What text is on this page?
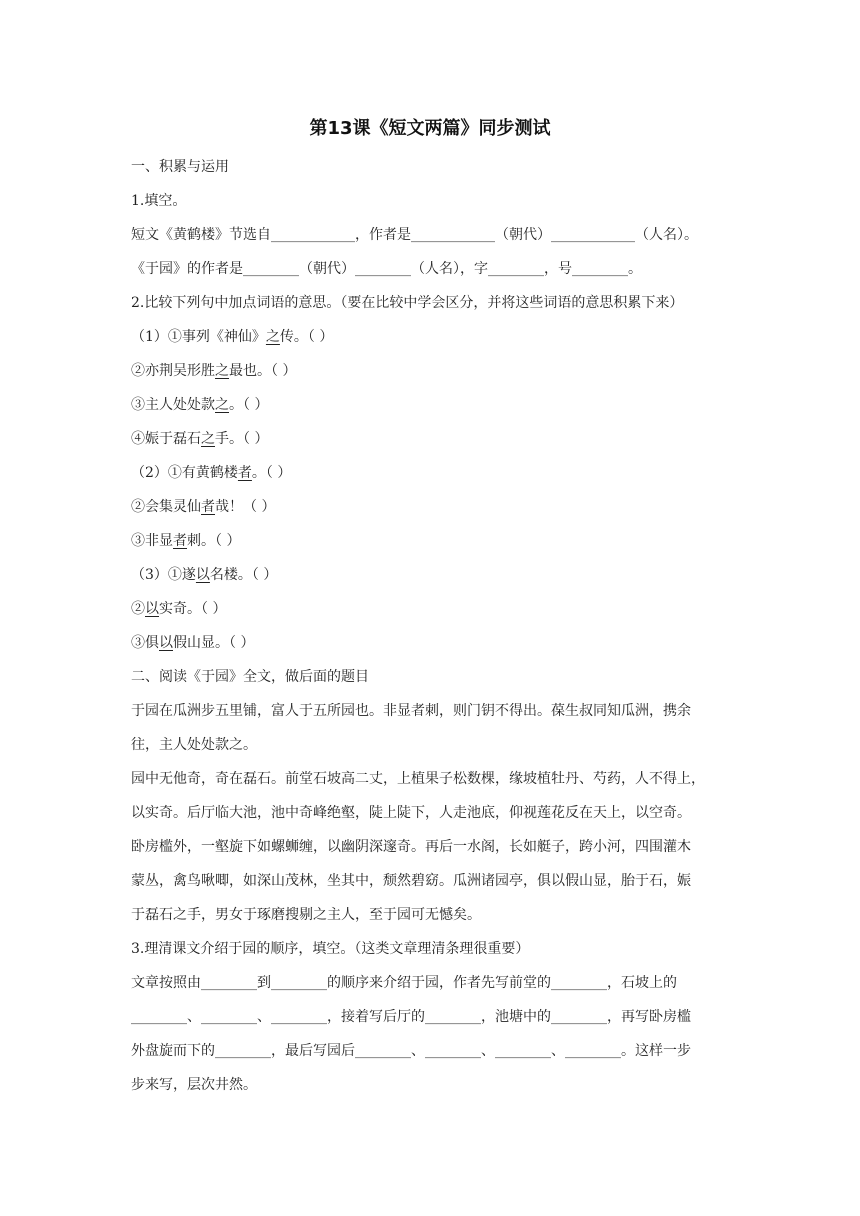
第13课《短文两篇》同步测试

一、积累与运用

1.填空。

短文《黄鹤楼》节选自____________，作者是____________（朝代）____________（人名）。

《于园》的作者是________（朝代）________（人名），字________，号________。

2.比较下列句中加点词语的意思。（要在比较中学会区分，并将这些词语的意思积累下来）

（1）①事列《神仙》之传。（ ）

②亦荆吴形胜之最也。（ ）

③主人处处款之。（ ）

④娠于磊石之手。（ ）

（2）①有黄鹤楼者。（ ）

②会集灵仙者哉！（ ）

③非显者刺。（ ）

（3）①遂以名楼。（ ）

②以实奇。（ ）

③俱以假山显。（ ）

二、阅读《于园》全文，做后面的题目

于园在瓜洲步五里铺，富人于五所园也。非显者刺，则门钥不得出。葆生叔同知瓜洲，携余

往，主人处处款之。

园中无他奇，奇在磊石。前堂石坡高二丈，上植果子松数棵，缘坡植牡丹、芍药，人不得上，

以实奇。后厅临大池，池中奇峰绝壑，陡上陡下，人走池底，仰视莲花反在天上，以空奇。

卧房槛外，一壑旋下如螺蛳缠，以幽阴深邃奇。再后一水阁，长如艇子，跨小河，四围灌木

蒙丛，禽鸟啾唧，如深山茂林，坐其中，颓然碧窈。瓜洲诸园亭，俱以假山显，胎于石，娠

于磊石之手，男女于琢磨搜剔之主人，至于园可无憾矣。

3.理清课文介绍于园的顺序，填空。（这类文章理清条理很重要）

文章按照由________到________的顺序来介绍于园，作者先写前堂的________，石坡上的

________、________、________，接着写后厅的________，池塘中的________，再写卧房槛

外盘旋而下的________，最后写园后________、________、________、________。这样一步

步来写，层次井然。
